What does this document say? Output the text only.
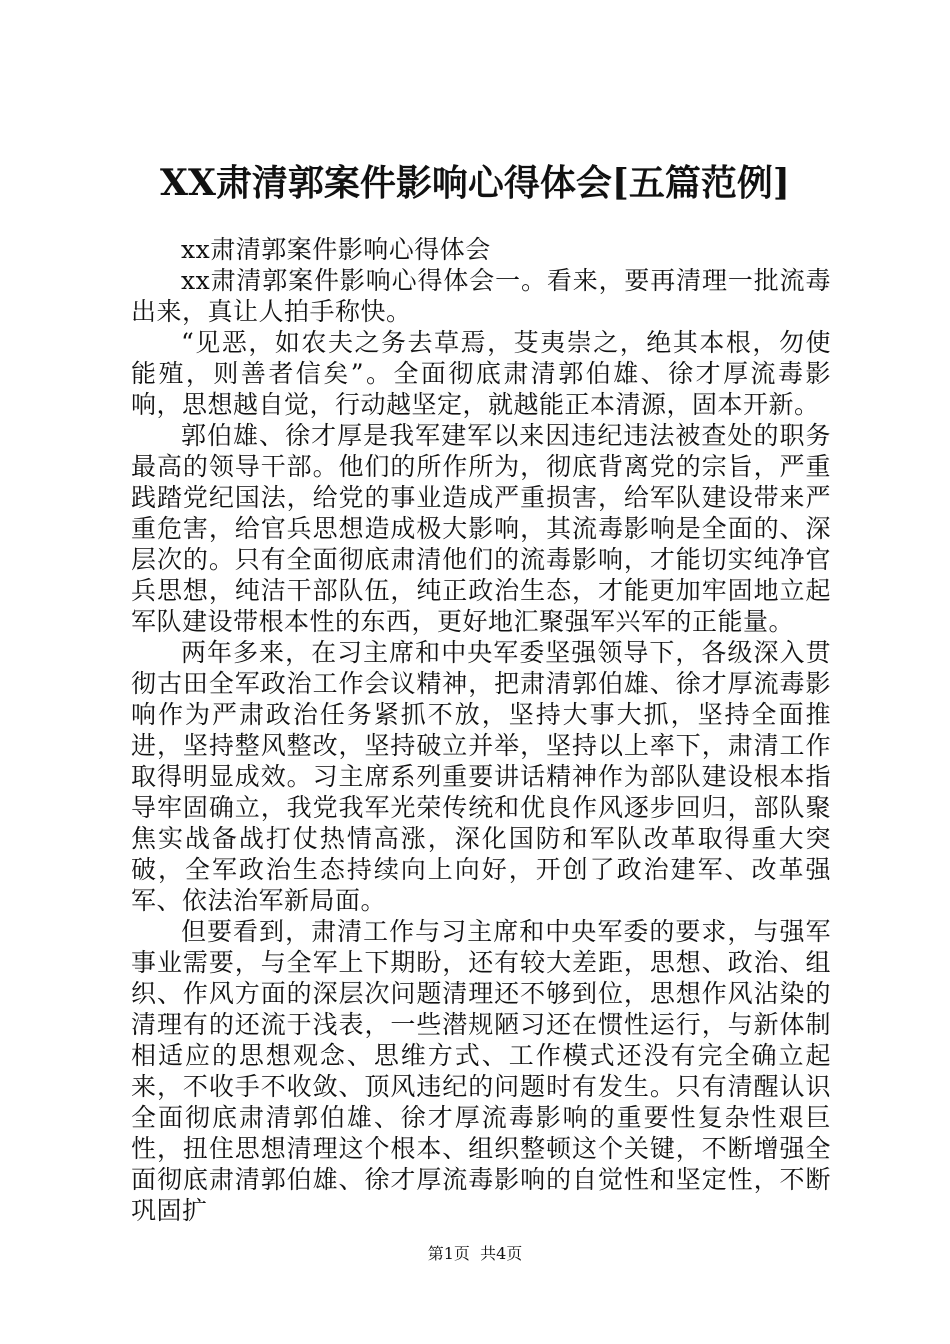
XX肃清郭案件影响心得体会[五篇范例]

xx肃清郭案件影响心得体会

xx肃清郭案件影响心得体会一。看来，要再清理一批流毒出来，真让人拍手称快。

“见恶，如农夫之务去草焉，芟夷崇之，绝其本根，勿使能殖，则善者信矣”。全面彻底肃清郭伯雄、徐才厚流毒影响，思想越自觉，行动越坚定，就越能正本清源，固本开新。

郭伯雄、徐才厚是我军建军以来因违纪违法被查处的职务最高的领导干部。他们的所作所为，彻底背离党的宗旨，严重践踏党纪国法，给党的事业造成严重损害，给军队建设带来严重危害，给官兵思想造成极大影响，其流毒影响是全面的、深层次的。只有全面彻底肃清他们的流毒影响，才能切实纯净官兵思想，纯洁干部队伍，纯正政治生态，才能更加牢固地立起军队建设带根本性的东西，更好地汇聚强军兴军的正能量。

两年多来，在习主席和中央军委坚强领导下，各级深入贯彻古田全军政治工作会议精神，把肃清郭伯雄、徐才厚流毒影响作为严肃政治任务紧抓不放，坚持大事大抓，坚持全面推进，坚持整风整改，坚持破立并举，坚持以上率下，肃清工作取得明显成效。习主席系列重要讲话精神作为部队建设根本指导牢固确立，我党我军光荣传统和优良作风逐步回归，部队聚焦实战备战打仗热情高涨，深化国防和军队改革取得重大突破，全军政治生态持续向上向好，开创了政治建军、改革强军、依法治军新局面。

但要看到，肃清工作与习主席和中央军委的要求，与强军事业需要，与全军上下期盼，还有较大差距，思想、政治、组织、作风方面的深层次问题清理还不够到位，思想作风沾染的清理有的还流于浅表，一些潜规陋习还在惯性运行，与新体制相适应的思想观念、思维方式、工作模式还没有完全确立起来，不收手不收敛、顶风违纪的问题时有发生。只有清醒认识全面彻底肃清郭伯雄、徐才厚流毒影响的重要性复杂性艰巨性，扭住思想清理这个根本、组织整顿这个关键，不断增强全面彻底肃清郭伯雄、徐才厚流毒影响的自觉性和坚定性，不断巩固扩

第1页  共4页
